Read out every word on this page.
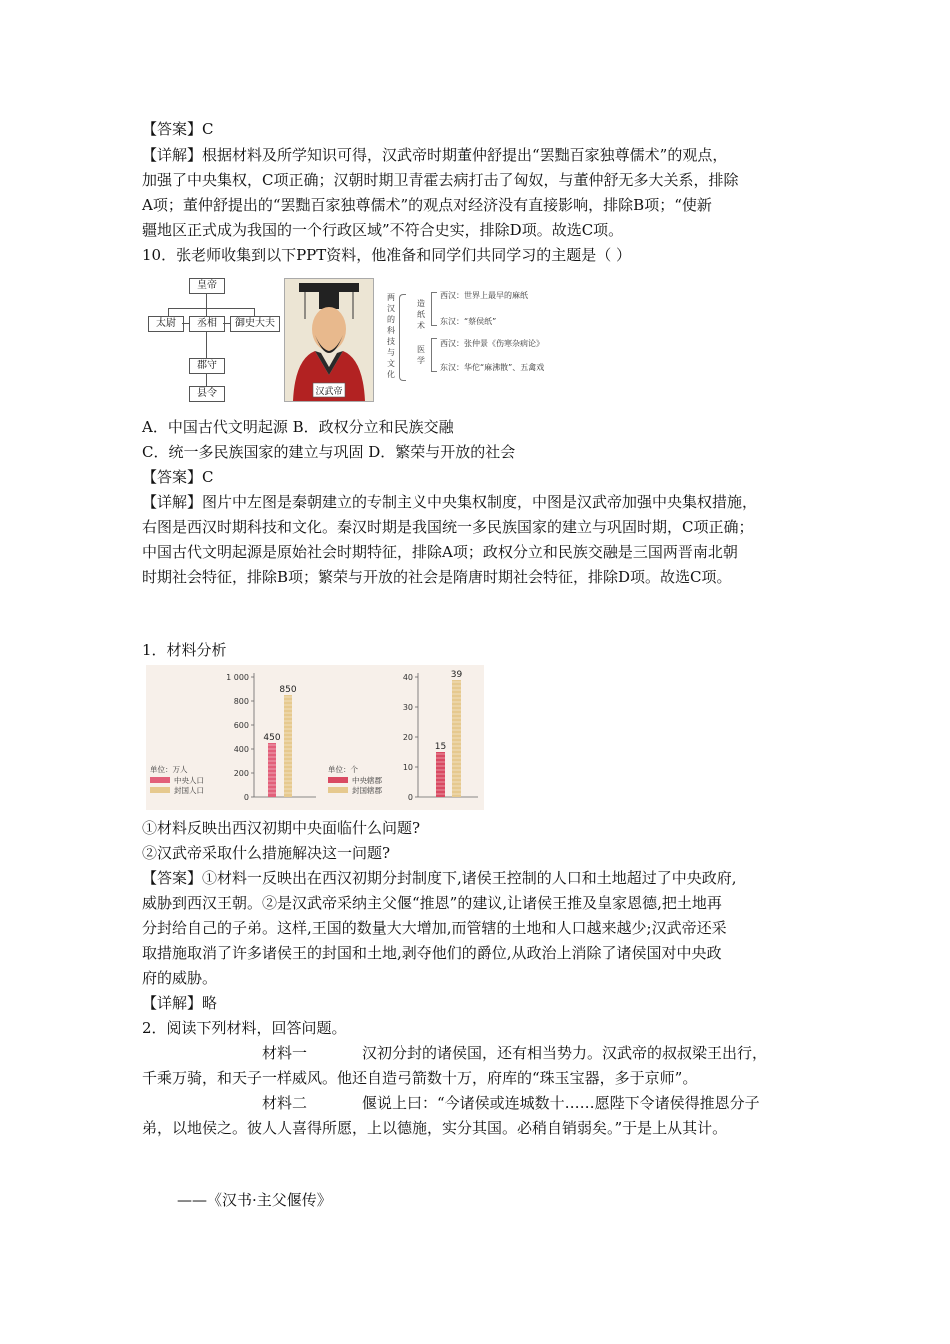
【答案】C
【详解】根据材料及所学知识可得，汉武帝时期董仲舒提出“罢黜百家独尊儒术”的观点，
加强了中央集权，C项正确；汉朝时期卫青霍去病打击了匈奴，与董仲舒无多大关系，排除
A项；董仲舒提出的“罢黜百家独尊儒术”的观点对经济没有直接影响，排除B项；“使新
疆地区正式成为我国的一个行政区域”不符合史实，排除D项。故选C项。
10．张老师收集到以下PPT资料，他准备和同学们共同学习的主题是（ ）
皇帝
太尉	丞相	御史大夫
郡守
县令	汉武帝
两汉的科技与文化
造纸术
医学
西汉：世界上最早的麻纸
东汉：“蔡侯纸”
西汉：张仲景《伤寒杂病论》
东汉：华佗“麻沸散”、五禽戏
A．中国古代文明起源 B．政权分立和民族交融
C．统一多民族国家的建立与巩固 D．繁荣与开放的社会
【答案】C
【详解】图片中左图是秦朝建立的专制主义中央集权制度，中图是汉武帝加强中央集权措施，
右图是西汉时期科技和文化。秦汉时期是我国统一多民族国家的建立与巩固时期，C项正确；
中国古代文明起源是原始社会时期特征，排除A项；政权分立和民族交融是三国两晋南北朝
时期社会特征，排除B项；繁荣与开放的社会是隋唐时期社会特征，排除D项。故选C项。
1．材料分析
0
200
400
600
800
1 000
450
850
单位：万人
中央人口
封国人口
0
10
20
30
40
15
39
单位：个
中央辖郡
封国辖郡
①材料反映出西汉初期中央面临什么问题?
②汉武帝采取什么措施解决这一问题?
【答案】①材料一反映出在西汉初期分封制度下,诸侯王控制的人口和土地超过了中央政府,
威胁到西汉王朝。②是汉武帝采纳主父偃“推恩”的建议,让诸侯王推及皇家恩德,把土地再
分封给自己的子弟。这样,王国的数量大大增加,而管辖的土地和人口越来越少;汉武帝还采
取措施取消了许多诸侯王的封国和土地,剥夺他们的爵位,从政治上消除了诸侯国对中央政
府的威胁。
【详解】略
2．阅读下列材料，回答问题。
材料一	汉初分封的诸侯国，还有相当势力。汉武帝的叔叔梁王出行，
千乘万骑，和天子一样威风。他还自造弓箭数十万，府库的“珠玉宝器，多于京师”。
材料二	偃说上曰：“今诸侯或连城数十……愿陛下令诸侯得推恩分子
弟，以地侯之。彼人人喜得所愿，上以德施，实分其国。必稍自销弱矣。”于是上从其计。
——《汉书·主父偃传》
